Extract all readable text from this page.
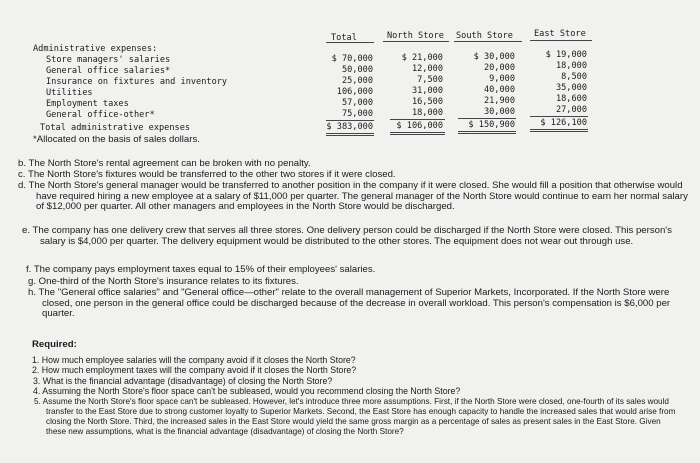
Total	North Store South Store East Store
Administrative expenses:
Store managers' salaries
General office salaries*
Insurance on fixtures and inventory
Utilities
Employment taxes
General office-other*
Total administrative expenses
$ 70,000
50,000
25,000
106,000
57,000
75,000
$ 383,000
$ 21,000
12,000
7,500
31,000
16,500
18,000
$ 106,000
$ 30,000
20,000
9,000
40,000
21,900
30,000
$ 150,900
$ 19,000
18,000
8,500
35,000
18,600
27,000
$ 126,100
*Allocated on the basis of sales dollars.
b. The North Store's rental agreement can be broken with no penalty.
c. The North Store's fixtures would be transferred to the other two stores if it were closed.
d. The North Store's general manager would be transferred to another position in the company if it were closed. She would fill a position that otherwise would have required hiring a new employee at a salary of $11,000 per quarter. The general manager of the North Store would continue to earn her normal salary of $12,000 per quarter. All other managers and employees in the North Store would be discharged.
e. The company has one delivery crew that serves all three stores. One delivery person could be discharged if the North Store were closed. This person's salary is $4,000 per quarter. The delivery equipment would be distributed to the other stores. The equipment does not wear out through use.
f. The company pays employment taxes equal to 15% of their employees' salaries.
g. One-third of the North Store's insurance relates to its fixtures.
h. The "General office salaries" and "General office—other" relate to the overall management of Superior Markets, Incorporated. If the North Store were closed, one person in the general office could be discharged because of the decrease in overall workload. This person's compensation is $6,000 per quarter.
Required:
1. How much employee salaries will the company avoid if it closes the North Store?
2. How much employment taxes will the company avoid if it closes the North Store?
3. What is the financial advantage (disadvantage) of closing the North Store?
4. Assuming the North Store's floor space can't be subleased, would you recommend closing the North Store?
5. Assume the North Store's floor space can't be subleased. However, let's introduce three more assumptions. First, if the North Store were closed, one-fourth of its sales would transfer to the East Store due to strong customer loyalty to Superior Markets. Second, the East Store has enough capacity to handle the increased sales that would arise from closing the North Store. Third, the increased sales in the East Store would yield the same gross margin as a percentage of sales as present sales in the East Store. Given these new assumptions, what is the financial advantage (disadvantage) of closing the North Store?
